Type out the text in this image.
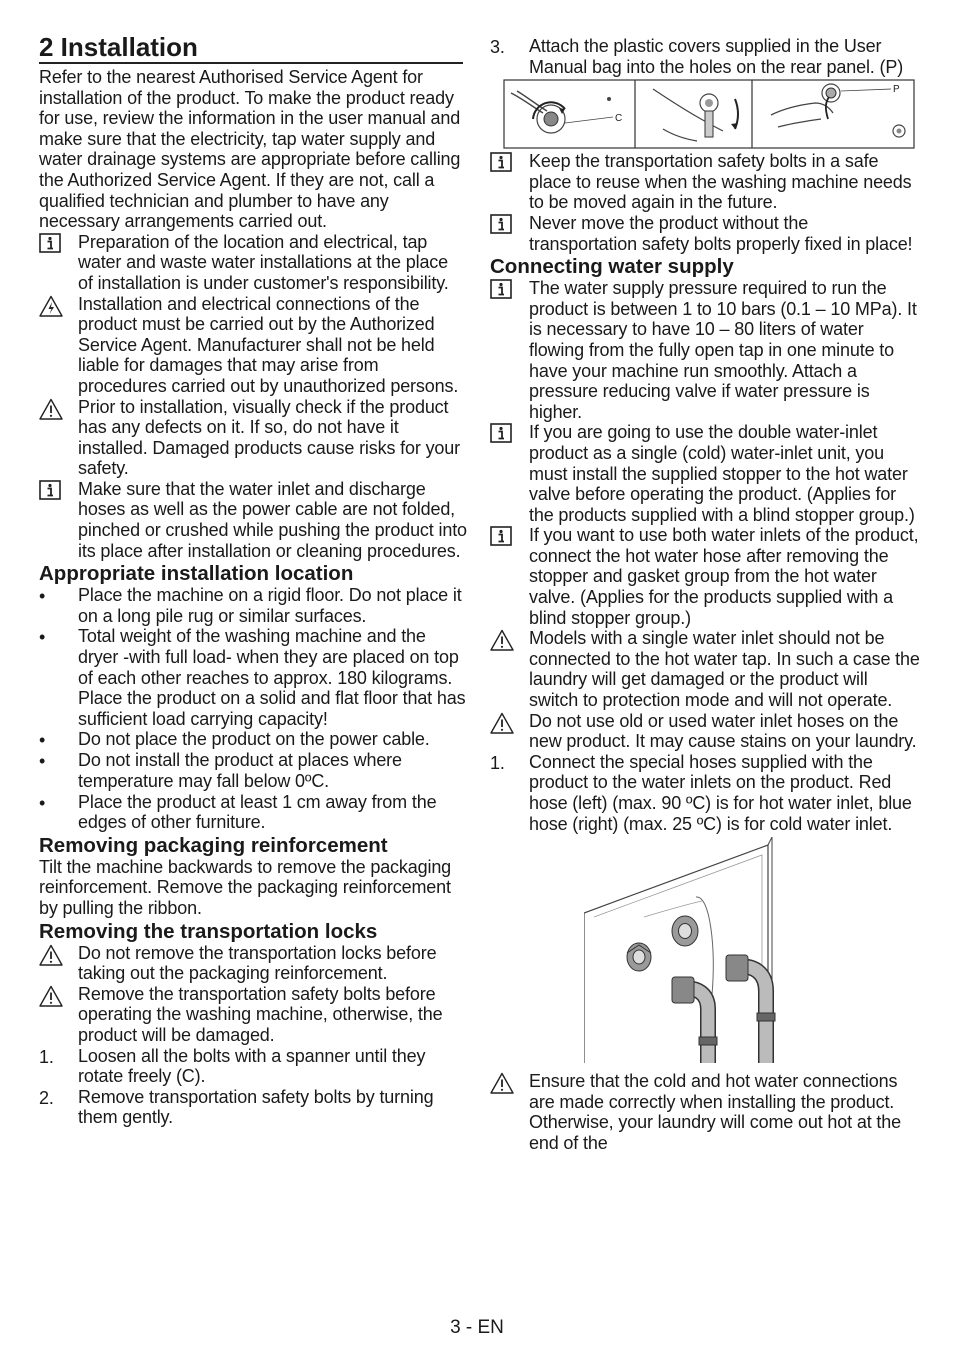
2 Installation

Refer to the nearest Authorised Service Agent for installation of the product. To make the product ready for use, review the information in the user manual and make sure that the electricity, tap water supply and water drainage systems are appropriate before calling the Authorized Service Agent. If they are not, call a qualified technician and plumber to have any necessary arrangements carried out.

Preparation of the location and electrical, tap water and waste water installations at the place of installation is under customer's responsibility.
Installation and electrical connections of the product must be carried out by the Authorized Service Agent. Manufacturer shall not be held liable for damages that may arise from procedures carried out by unauthorized persons.
Prior to installation, visually check if the product has any defects on it. If so, do not have it installed. Damaged products cause risks for your safety.
Make sure that the water inlet and discharge hoses as well as the power cable are not folded, pinched or crushed while pushing the product into its place after installation or cleaning procedures.
Appropriate installation location
•	Place the machine on a rigid floor. Do not place it on a long pile rug or similar surfaces.
•	Total weight of the washing machine and the dryer -with full load- when they are placed on top of each other reaches to approx. 180 kilograms. Place the product on a solid and flat floor that has sufficient load carrying capacity!
•	Do not place the product on the power cable.
•	Do not install the product at places where temperature may fall below 0ºC.
•	Place the product at least 1 cm away from the edges of other furniture.
Removing packaging reinforcement

Tilt the machine backwards to remove the packaging reinforcement. Remove the packaging reinforcement by pulling the ribbon.

Removing the transportation locks
Do not remove the transportation locks before taking out the packaging reinforcement.
Remove the transportation safety bolts before operating the washing machine, otherwise, the product will be damaged.
1.	Loosen all the bolts with a spanner until they rotate freely (C).
2.	Remove transportation safety bolts by turning them gently.
3.	Attach the plastic covers supplied in the User Manual bag into the holes on the rear panel. (P)
C
P
Keep the transportation safety bolts in a safe place to reuse when the washing machine needs to be moved again in the future.
Never move the product without the transportation safety bolts properly fixed in place!
Connecting water supply
The water supply pressure required to run the product is between 1 to 10 bars (0.1 – 10 MPa). It is necessary to have 10 – 80 liters of water flowing from the fully open tap in one minute to have your machine run smoothly. Attach a pressure reducing valve if water pressure is higher.
If you are going to use the double water-inlet product as a single (cold) water-inlet unit, you must install the supplied stopper to the hot water valve before operating the product. (Applies for the products supplied with a blind stopper group.)
If you want to use both water inlets of the product, connect the hot water hose after removing the stopper and gasket group from the hot water valve. (Applies for the products supplied with a blind stopper group.)
Models with a single water inlet should not be connected to the hot water tap. In such a case the laundry will get damaged or the product will switch to protection mode and will not operate.
Do not use old or used water inlet hoses on the new product. It may cause stains on your laundry.
1.	Connect the special hoses supplied with the product to the water inlets on the product. Red hose (left) (max. 90 ºC) is for hot water inlet, blue hose (right) (max. 25 ºC) is for cold water inlet.
Ensure that the cold and hot water connections are made correctly when installing the product. Otherwise, your laundry will come out hot at the end of the
3 - EN
